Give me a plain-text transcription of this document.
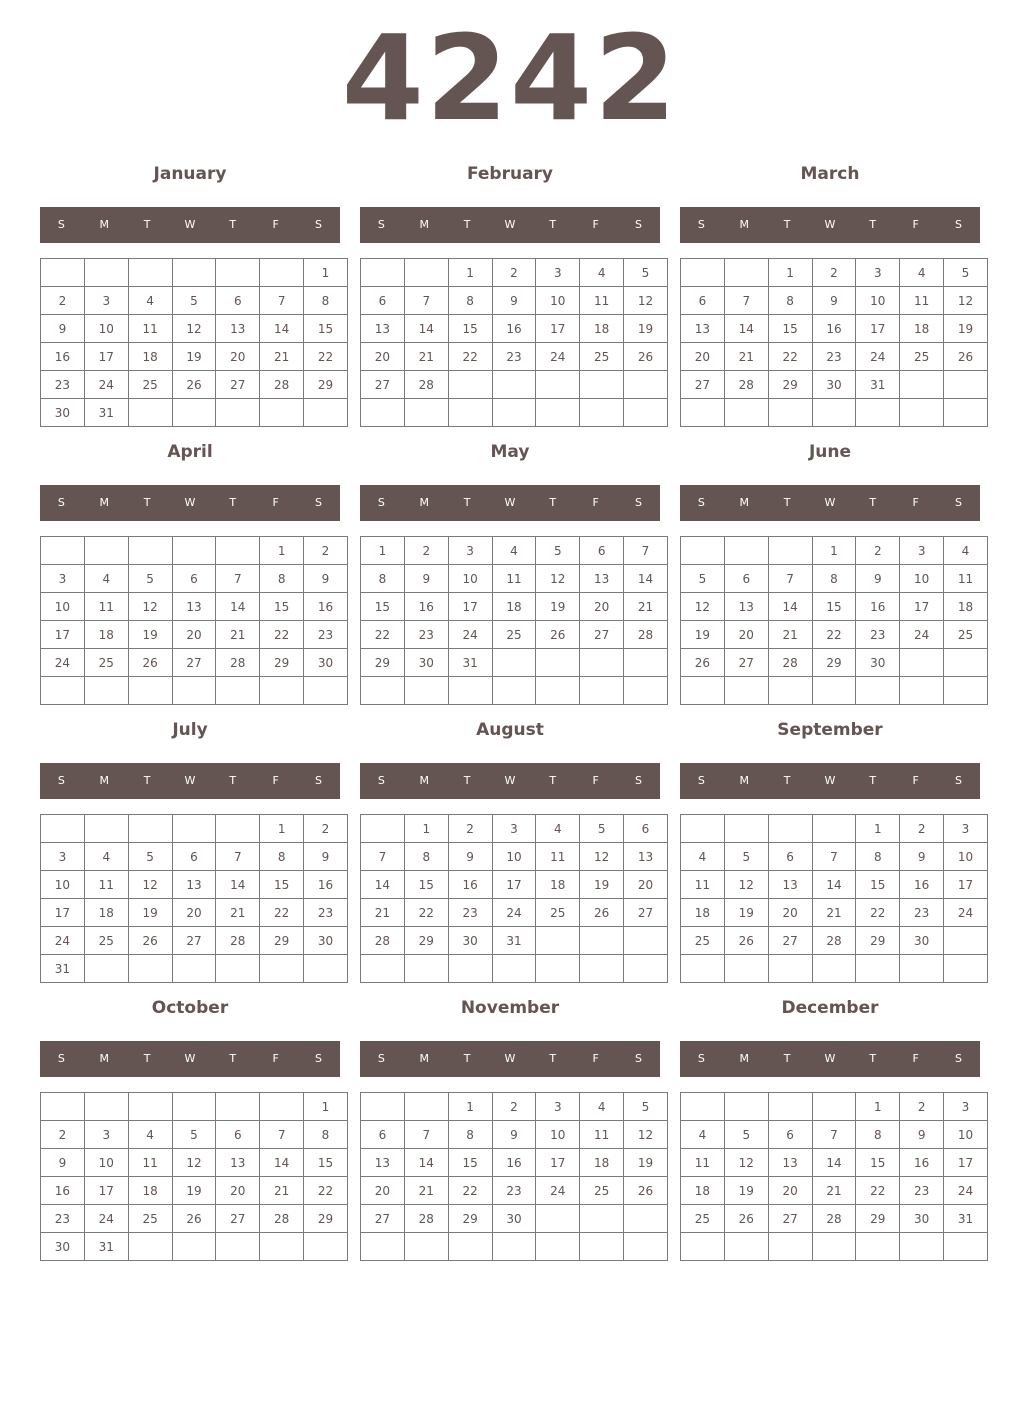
4242
January
S	M	T	W	T	F	S
						1
2	3	4	5	6	7	8
9	10	11	12	13	14	15
16	17	18	19	20	21	22
23	24	25	26	27	28	29
30	31					
February
S	M	T	W	T	F	S
		1	2	3	4	5
6	7	8	9	10	11	12
13	14	15	16	17	18	19
20	21	22	23	24	25	26
27	28					

March
S	M	T	W	T	F	S
		1	2	3	4	5
6	7	8	9	10	11	12
13	14	15	16	17	18	19
20	21	22	23	24	25	26
27	28	29	30	31		

April
S	M	T	W	T	F	S
					1	2
3	4	5	6	7	8	9
10	11	12	13	14	15	16
17	18	19	20	21	22	23
24	25	26	27	28	29	30

May
S	M	T	W	T	F	S
1	2	3	4	5	6	7
8	9	10	11	12	13	14
15	16	17	18	19	20	21
22	23	24	25	26	27	28
29	30	31				

June
S	M	T	W	T	F	S
			1	2	3	4
5	6	7	8	9	10	11
12	13	14	15	16	17	18
19	20	21	22	23	24	25
26	27	28	29	30		

July
S	M	T	W	T	F	S
					1	2
3	4	5	6	7	8	9
10	11	12	13	14	15	16
17	18	19	20	21	22	23
24	25	26	27	28	29	30
31						
August
S	M	T	W	T	F	S
	1	2	3	4	5	6
7	8	9	10	11	12	13
14	15	16	17	18	19	20
21	22	23	24	25	26	27
28	29	30	31			

September
S	M	T	W	T	F	S
				1	2	3
4	5	6	7	8	9	10
11	12	13	14	15	16	17
18	19	20	21	22	23	24
25	26	27	28	29	30	

October
S	M	T	W	T	F	S
						1
2	3	4	5	6	7	8
9	10	11	12	13	14	15
16	17	18	19	20	21	22
23	24	25	26	27	28	29
30	31					
November
S	M	T	W	T	F	S
		1	2	3	4	5
6	7	8	9	10	11	12
13	14	15	16	17	18	19
20	21	22	23	24	25	26
27	28	29	30			

December
S	M	T	W	T	F	S
				1	2	3
4	5	6	7	8	9	10
11	12	13	14	15	16	17
18	19	20	21	22	23	24
25	26	27	28	29	30	31
